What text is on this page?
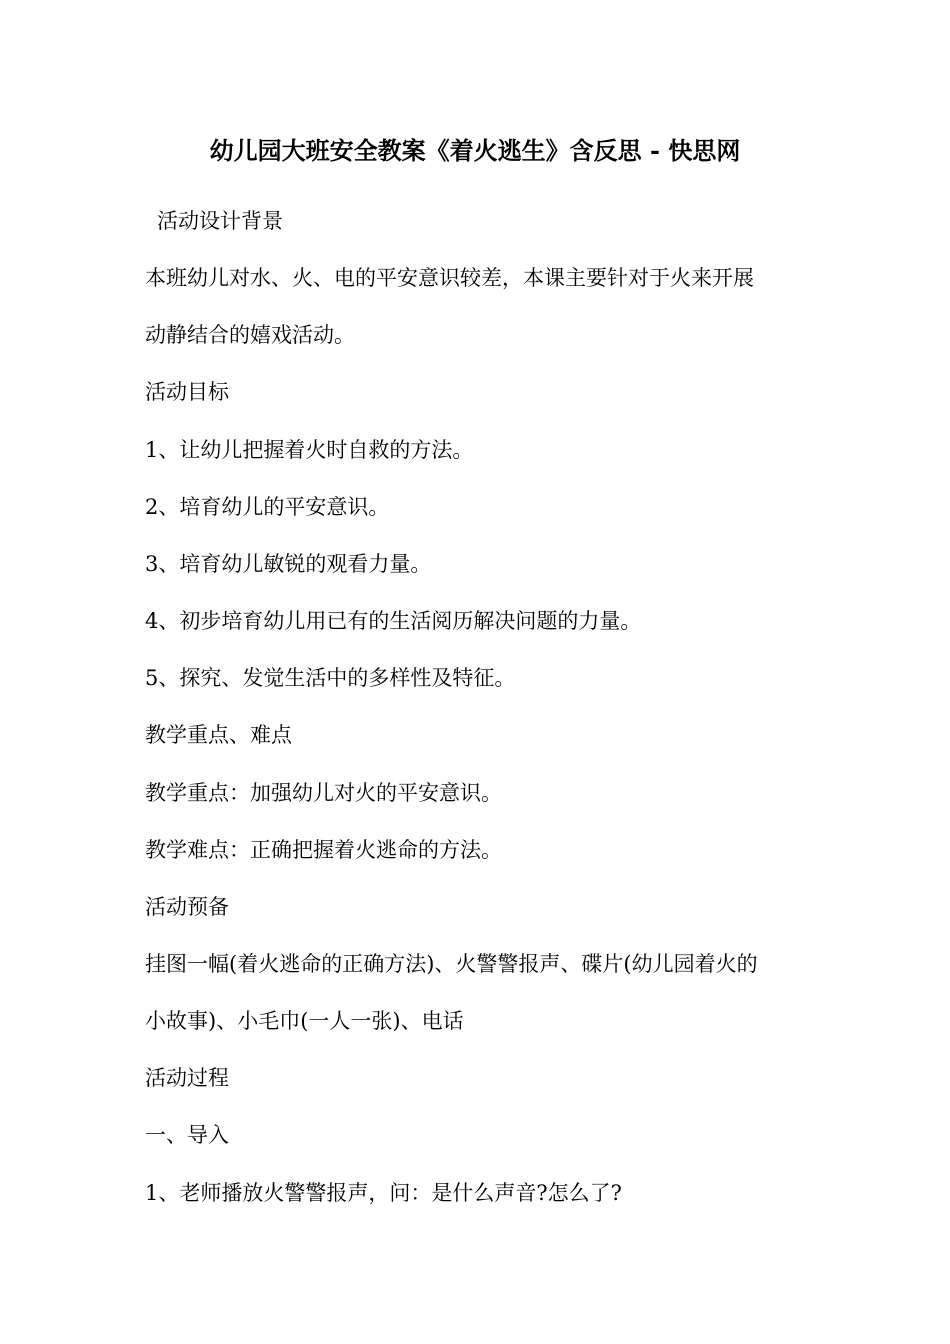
幼儿园大班安全教案《着火逃生》含反思 - 快思网
活动设计背景
本班幼儿对水、火、电的平安意识较差，本课主要针对于火来开展
动静结合的嬉戏活动。
活动目标
1、让幼儿把握着火时自救的方法。
2、培育幼儿的平安意识。
3、培育幼儿敏锐的观看力量。
4、初步培育幼儿用已有的生活阅历解决问题的力量。
5、探究、发觉生活中的多样性及特征。
教学重点、难点
教学重点：加强幼儿对火的平安意识。
教学难点：正确把握着火逃命的方法。
活动预备
挂图一幅(着火逃命的正确方法)、火警警报声、碟片(幼儿园着火的
小故事)、小毛巾(一人一张)、电话
活动过程
一、导入
1、老师播放火警警报声，问：是什么声音?怎么了?
